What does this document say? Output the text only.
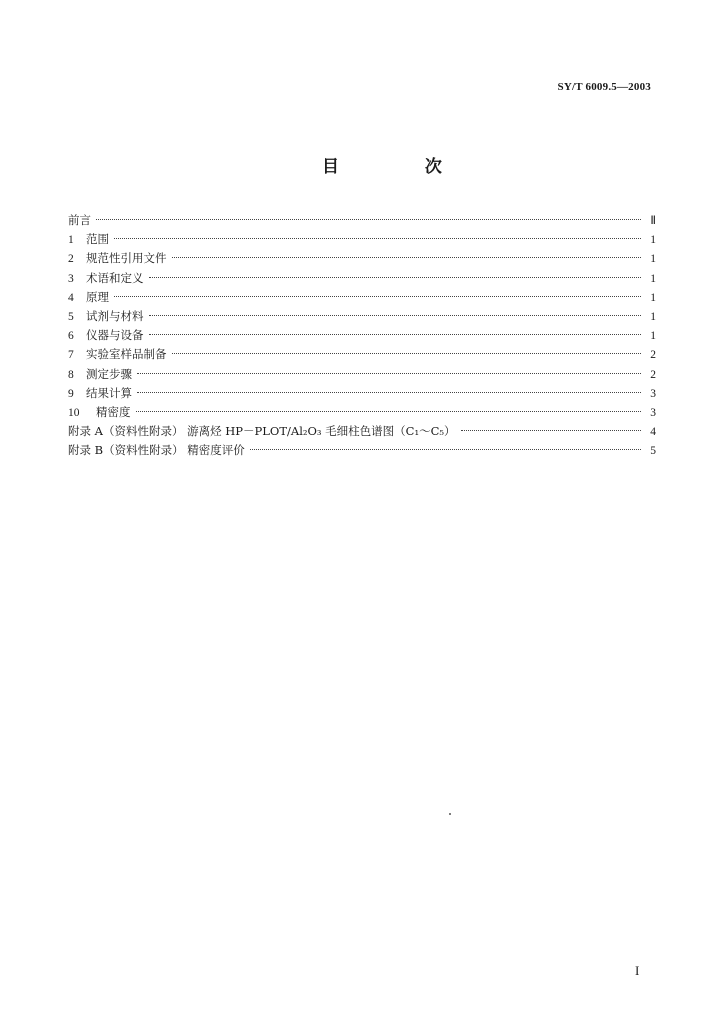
SY/T 6009.5—2003
目 次
前言	Ⅱ
1	范围	1
2	规范性引用文件	1
3	术语和定义	1
4	原理	1
5	试剂与材料	1
6	仪器与设备	1
7	实验室样品制备	2
8	测定步骤	2
9	结果计算	3
10	精密度	3
附录 A（资料性附录） 游离烃 HP－PLOT/Al₂O₃ 毛细柱色谱图（C₁～C₅）	4
附录 B（资料性附录） 精密度评价	5
I
